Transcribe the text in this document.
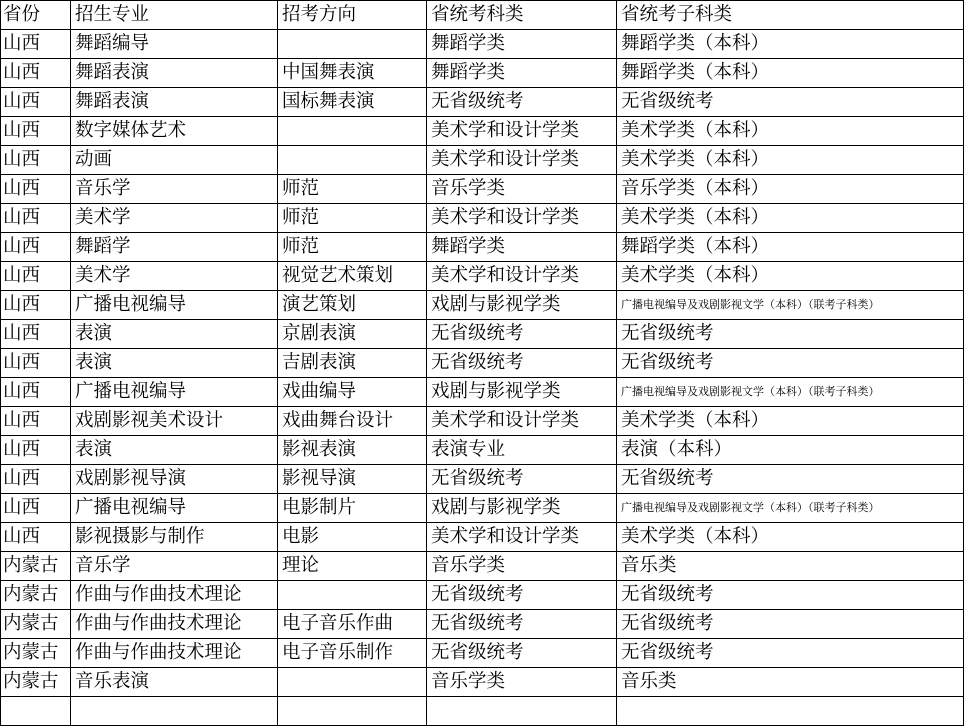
省份	招生专业	招考方向	省统考科类	省统考子科类
山西	舞蹈编导		舞蹈学类	舞蹈学类（本科）
山西	舞蹈表演	中国舞表演	舞蹈学类	舞蹈学类（本科）
山西	舞蹈表演	国标舞表演	无省级统考	无省级统考
山西	数字媒体艺术		美术学和设计学类	美术学类（本科）
山西	动画		美术学和设计学类	美术学类（本科）
山西	音乐学	师范	音乐学类	音乐学类（本科）
山西	美术学	师范	美术学和设计学类	美术学类（本科）
山西	舞蹈学	师范	舞蹈学类	舞蹈学类（本科）
山西	美术学	视觉艺术策划	美术学和设计学类	美术学类（本科）
山西	广播电视编导	演艺策划	戏剧与影视学类	广播电视编导及戏剧影视文学（本科）（联考子科类）
山西	表演	京剧表演	无省级统考	无省级统考
山西	表演	吉剧表演	无省级统考	无省级统考
山西	广播电视编导	戏曲编导	戏剧与影视学类	广播电视编导及戏剧影视文学（本科）（联考子科类）
山西	戏剧影视美术设计	戏曲舞台设计	美术学和设计学类	美术学类（本科）
山西	表演	影视表演	表演专业	表演（本科）
山西	戏剧影视导演	影视导演	无省级统考	无省级统考
山西	广播电视编导	电影制片	戏剧与影视学类	广播电视编导及戏剧影视文学（本科）（联考子科类）
山西	影视摄影与制作	电影	美术学和设计学类	美术学类（本科）
内蒙古	音乐学	理论	音乐学类	音乐类
内蒙古	作曲与作曲技术理论		无省级统考	无省级统考
内蒙古	作曲与作曲技术理论	电子音乐作曲	无省级统考	无省级统考
内蒙古	作曲与作曲技术理论	电子音乐制作	无省级统考	无省级统考
内蒙古	音乐表演		音乐学类	音乐类
